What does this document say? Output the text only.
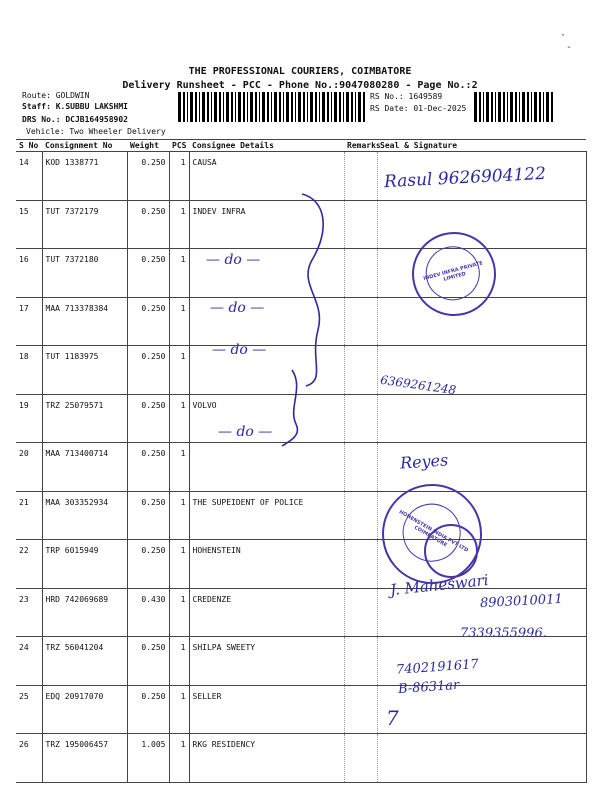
·
-
THE PROFESSIONAL COURIERS, COIMBATORE
Delivery Runsheet - PCC - Phone No.:9047080280 - Page No.:2
Route: GOLDWIN
Staff: K.SUBBU LAKSHMI
DRS No.: DCJB164958902
Vehicle: Two Wheeler Delivery
RS No.: 1649589
RS Date: 01-Dec-2025
S No	Consignment No	Weight	PCS	Consignee Details	Remarks	Seal & Signature
14	KOD 1338771	0.250	1	CAUSA		
15	TUT 7372179	0.250	1	INDEV INFRA		
16	TUT 7372180	0.250	1			
17	MAA 713378384	0.250	1			
18	TUT 1183975	0.250	1			
19	TRZ 25079571	0.250	1	VOLVO		
20	MAA 713400714	0.250	1			
21	MAA 303352934	0.250	1	THE SUPEIDENT OF POLICE		
22	TRP 6015949	0.250	1	HOHENSTEIN		
23	HRD 742069689	0.430	1	CREDENZE		
24	TRZ 56041204	0.250	1	SHILPA SWEETY		
25	EDQ 20917070	0.250	1	SELLER		
26	TRZ 195006457	1.005	1	RKG RESIDENCY		
Rasul 9626904122
— do —
— do —
— do —
— do —
6369261248
Reyes
J. Maheswari
8903010011
7339355996.
7402191617
B-8631ar
7
INDEV INFRA PRIVATE LIMITED
HOHENSTEIN INDIA PVT LTD COIMBATORE
